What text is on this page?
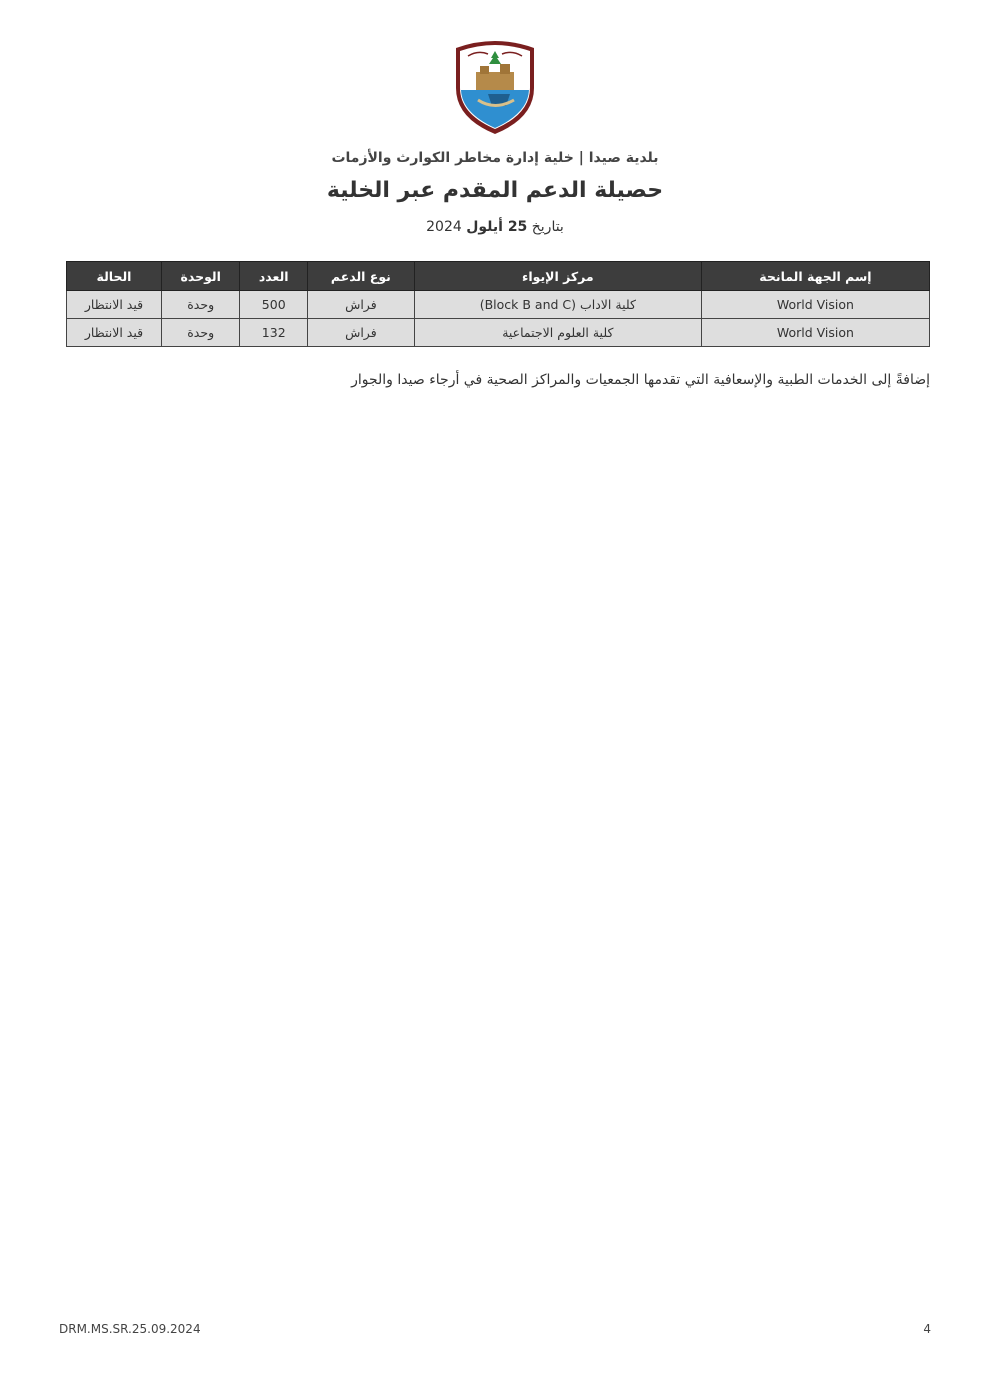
بلدية صيدا | خلية إدارة مخاطر الكوارث والأزمات
حصيلة الدعم المقدم عبر الخلية
بتاريخ 25 أيلول 2024
إسم الجهة المانحة	مركز الإيواء	نوع الدعم	العدد	الوحدة	الحالة
World Vision	كلية الاداب (Block B and C)	فراش	500	وحدة	قيد الانتظار
World Vision	كلية العلوم الاجتماعية	فراش	132	وحدة	قيد الانتظار
إضافةً إلى الخدمات الطبية والإسعافية التي تقدمها الجمعيات والمراكز الصحية في أرجاء صيدا والجوار
DRM.MS.SR.25.09.2024	4
